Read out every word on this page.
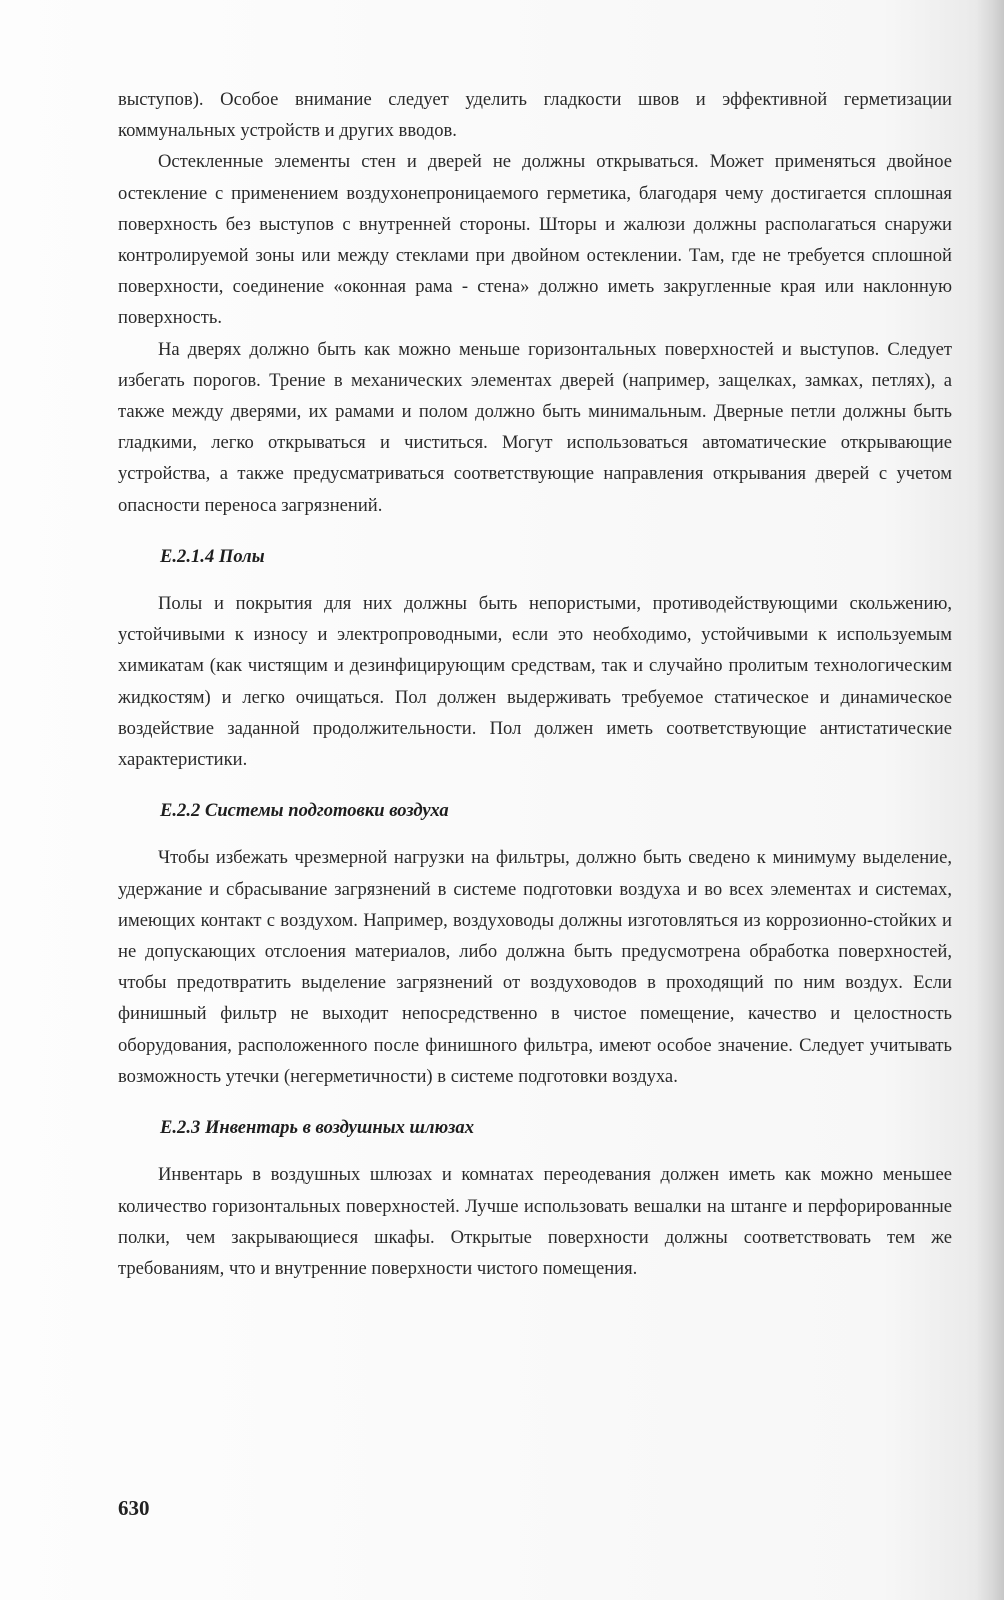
выступов). Особое внимание следует уделить гладкости швов и эффективной герметизации коммунальных устройств и других вводов.

Остекленные элементы стен и дверей не должны открываться. Может применяться двойное остекление с применением воздухонепроницаемого герметика, благодаря чему достигается сплошная поверхность без выступов с внутренней стороны. Шторы и жалюзи должны располагаться снаружи контролируемой зоны или между стеклами при двойном остеклении. Там, где не требуется сплошной поверхности, соединение «оконная рама - стена» должно иметь закругленные края или наклонную поверхность.

На дверях должно быть как можно меньше горизонтальных поверхностей и выступов. Следует избегать порогов. Трение в механических элементах дверей (например, защелках, замках, петлях), а также между дверями, их рамами и полом должно быть минимальным. Дверные петли должны быть гладкими, легко открываться и чиститься. Могут использоваться автоматические открывающие устройства, а также предусматриваться соответствующие направления открывания дверей с учетом опасности переноса загрязнений.

Е.2.1.4 Полы

Полы и покрытия для них должны быть непористыми, противодействующими скольжению, устойчивыми к износу и электропроводными, если это необходимо, устойчивыми к используемым химикатам (как чистящим и дезинфицирующим средствам, так и случайно пролитым технологическим жидкостям) и легко очищаться. Пол должен выдерживать требуемое статическое и динамическое воздействие заданной продолжительности. Пол должен иметь соответствующие антистатические характеристики.

Е.2.2 Системы подготовки воздуха

Чтобы избежать чрезмерной нагрузки на фильтры, должно быть сведено к минимуму выделение, удержание и сбрасывание загрязнений в системе подготовки воздуха и во всех элементах и системах, имеющих контакт с воздухом. Например, воздуховоды должны изготовляться из коррозионно-стойких и не допускающих отслоения материалов, либо должна быть предусмотрена обработка поверхностей, чтобы предотвратить выделение загрязнений от воздуховодов в проходящий по ним воздух. Если финишный фильтр не выходит непосредственно в чистое помещение, качество и целостность оборудования, расположенного после финишного фильтра, имеют особое значение. Следует учитывать возможность утечки (негерметичности) в системе подготовки воздуха.

Е.2.3 Инвентарь в воздушных шлюзах

Инвентарь в воздушных шлюзах и комнатах переодевания должен иметь как можно меньшее количество горизонтальных поверхностей. Лучше использовать вешалки на штанге и перфорированные полки, чем закрывающиеся шкафы. Открытые поверхности должны соответствовать тем же требованиям, что и внутренние поверхности чистого помещения.

630
